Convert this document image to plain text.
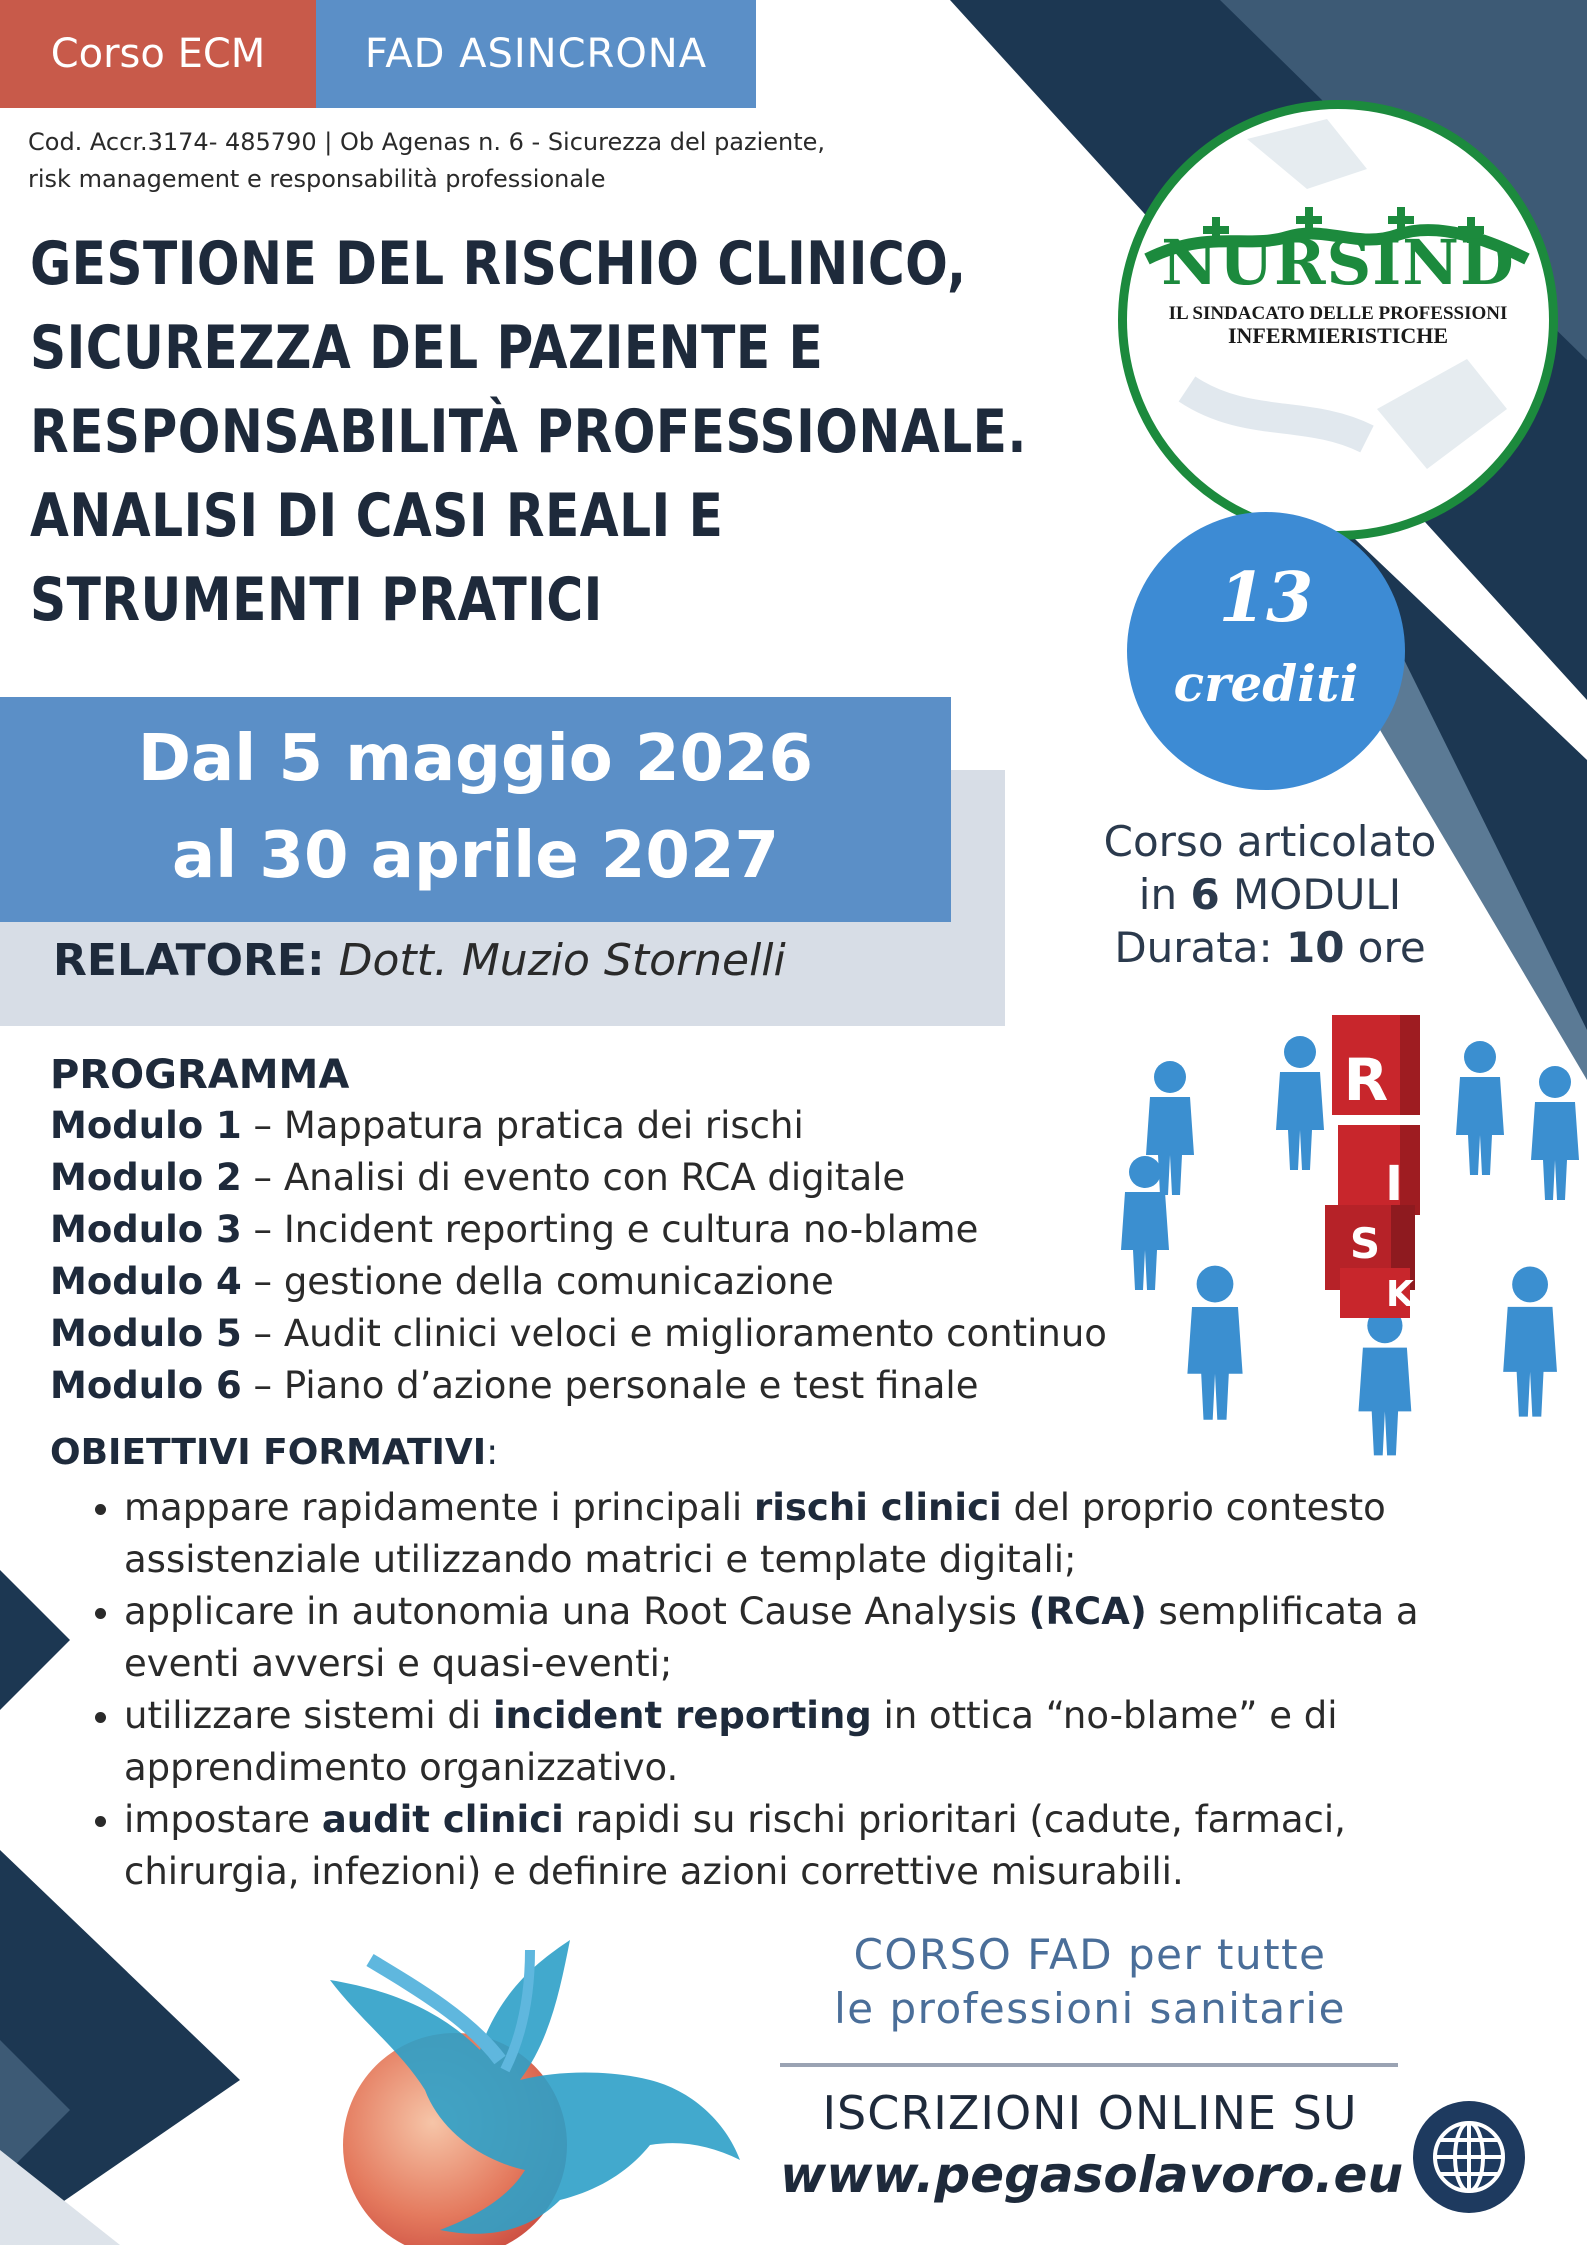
Corso ECM	FAD ASINCRONA
Cod. Accr.3174- 485790 | Ob Agenas n. 6 - Sicurezza del paziente,
risk management e responsabilità professionale
GESTIONE DEL RISCHIO CLINICO,
SICUREZZA DEL PAZIENTE E
RESPONSABILITÀ PROFESSIONALE.
ANALISI DI CASI REALI E
STRUMENTI PRATICI
NURSIND
IL SINDACATO DELLE PROFESSIONI
INFERMIERISTICHE
13
crediti
Dal 5 maggio 2026
al 30 aprile 2027
RELATORE: Dott. Muzio Stornelli
Corso articolato
in 6 MODULI
Durata: 10 ore
PROGRAMMA
Modulo 1 – Mappatura pratica dei rischi
Modulo 2 – Analisi di evento con RCA digitale
Modulo 3 – Incident reporting e cultura no-blame
Modulo 4 – gestione della comunicazione
Modulo 5 – Audit clinici veloci e miglioramento continuo
Modulo 6 – Piano d’azione personale e test finale
OBIETTIVI FORMATIVI:
• mappare rapidamente i principali rischi clinici del proprio contesto assistenziale utilizzando matrici e template digitali;
• applicare in autonomia una Root Cause Analysis (RCA) semplificata a eventi avversi e quasi-eventi;
• utilizzare sistemi di incident reporting in ottica “no-blame” e di apprendimento organizzativo.
• impostare audit clinici rapidi su rischi prioritari (cadute, farmaci, chirurgia, infezioni) e definire azioni correttive misurabili.
R
I
S
K
CORSO FAD per tutte
le professioni sanitarie
ISCRIZIONI ONLINE SU
www.pegasolavoro.eu
